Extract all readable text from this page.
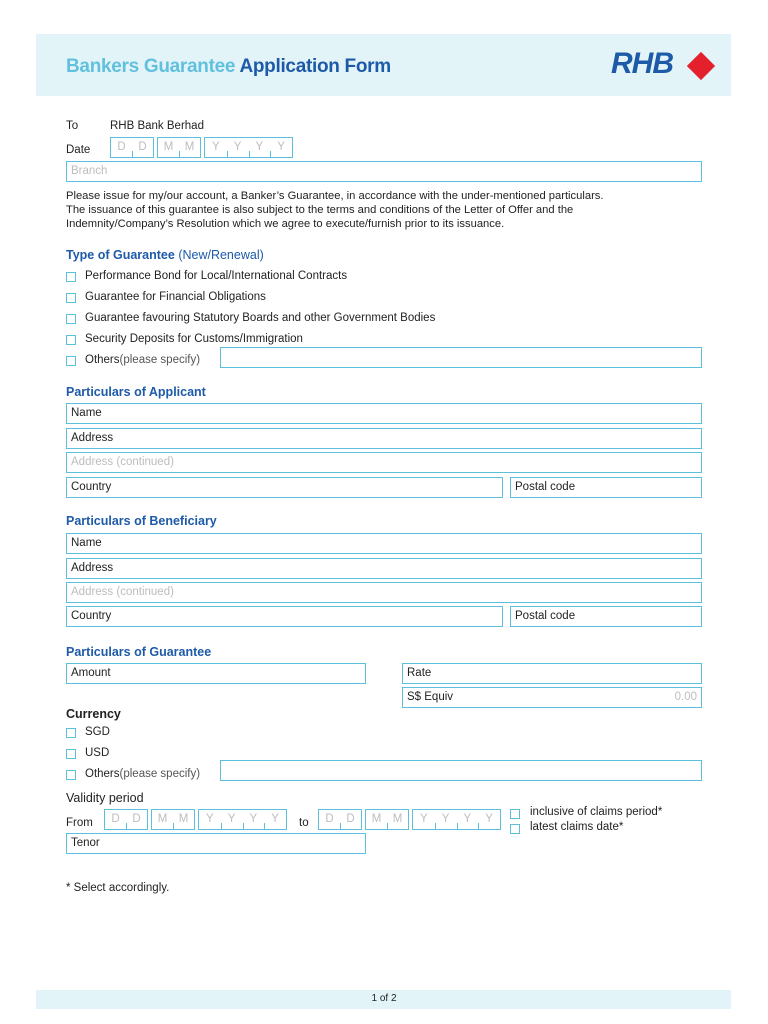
Bankers Guarantee Application Form	RHB
To	RHB Bank Berhad
Date	D	D	M M	Y	Y	Y	Y
Branch
Please issue for my/our account, a Banker’s Guarantee, in accordance with the under-mentioned particulars.
The issuance of this guarantee is also subject to the terms and conditions of the Letter of Offer and the
Indemnity/Company’s Resolution which we agree to execute/furnish prior to its issuance.
Type of Guarantee (New/Renewal)
Performance Bond for Local/International Contracts
Guarantee for Financial Obligations
Guarantee favouring Statutory Boards and other Government Bodies
Security Deposits for Customs/Immigration
Others(please specify)
Particulars of Applicant
Name
Address
Address (continued)
Country	Postal code
Particulars of Beneficiary
Name
Address
Address (continued)
Country	Postal code
Particulars of Guarantee
Amount	Rate
S$ Equiv	0.00
Currency
SGD
USD
Others(please specify)
Validity period
From	D	D	M M	Y	Y	Y	Y	to	D	D	M M	Y	Y	Y	Y
inclusive of claims period*
latest claims date*
Tenor
* Select accordingly.
1 of 2
